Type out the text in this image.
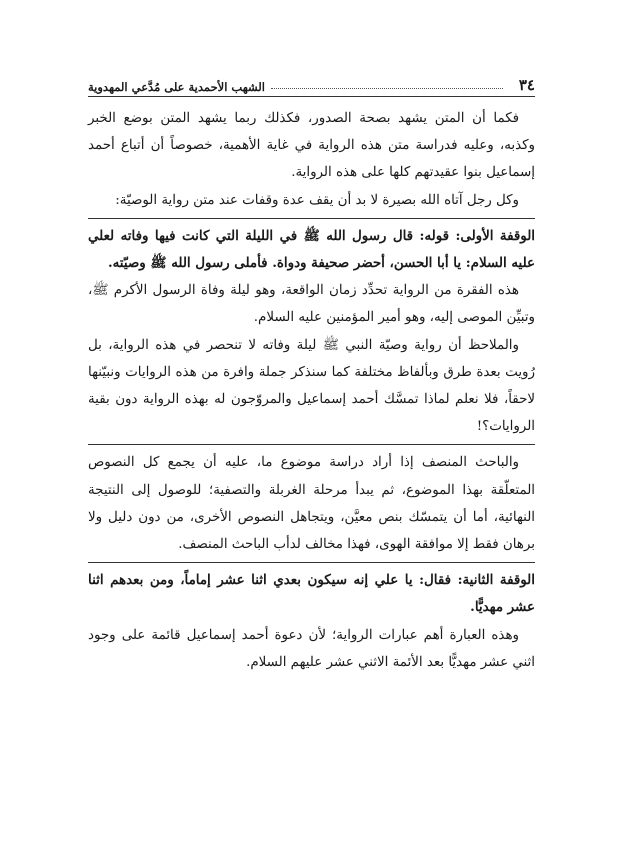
٣٤
الشهب الأحمدية على مُدَّعي المهدوية

فكما أن المتن يشهد بصحة الصدور، فكذلك ربما يشهد المتن بوضع الخبر وكذبه، وعليه فدراسة متن هذه الرواية في غاية الأهمية، خصوصاً أن أتباع أحمد إسماعيل بنوا عقيدتهم كلها على هذه الرواية.

وكل رجل آتاه الله بصيرة لا بد أن يقف عدة وقفات عند متن رواية الوصيّة:

الوقفة الأولى: قوله: قال رسول الله ﷺ في الليلة التي كانت فيها وفاته لعلي عليه السلام: يا أبا الحسن، أحضر صحيفة ودواة. فأملى رسول الله ﷺ وصيّته.

هذه الفقرة من الرواية تحدِّد زمان الواقعة، وهو ليلة وفاة الرسول الأكرم ﷺ، وتبيِّن الموصى إليه، وهو أمير المؤمنين عليه السلام.

والملاحظ أن رواية وصيّة النبي ﷺ ليلة وفاته لا تنحصر في هذه الرواية، بل رُويت بعدة طرق وبألفاظ مختلفة كما سنذكر جملة وافرة من هذه الروايات ونبيّنها لاحقاً، فلا نعلم لماذا تمسَّك أحمد إسماعيل والمروّجون له بهذه الرواية دون بقية الروايات؟!

والباحث المنصف إذا أراد دراسة موضوع ما، عليه أن يجمع كل النصوص المتعلّقة بهذا الموضوع، ثم يبدأ مرحلة الغربلة والتصفية؛ للوصول إلى النتيجة النهائية، أما أن يتمسّك بنص معيَّن، ويتجاهل النصوص الأخرى، من دون دليل ولا برهان فقط إلا موافقة الهوى، فهذا مخالف لدأب الباحث المنصف.

الوقفة الثانية: فقال: يا علي إنه سيكون بعدي اثنا عشر إماماً، ومن بعدهم اثنا عشر مهديًّا.

وهذه العبارة أهم عبارات الرواية؛ لأن دعوة أحمد إسماعيل قائمة على وجود اثني عشر مهديًّا بعد الأئمة الاثني عشر عليهم السلام.
